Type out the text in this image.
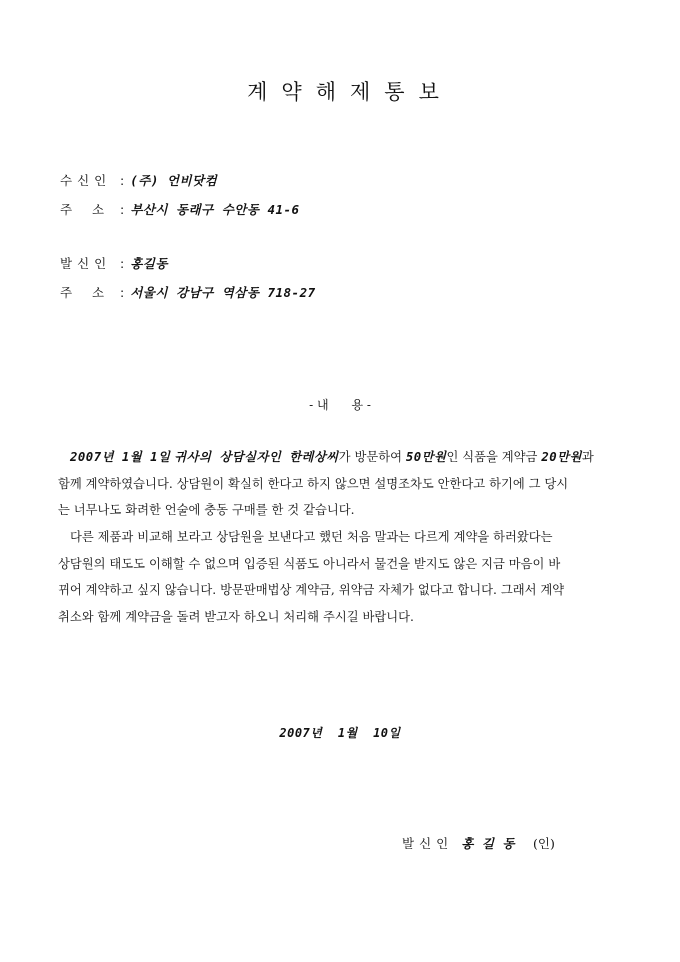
계약해제통보
수신인 : (주) 언비닷컴
주     소 : 부산시 동래구 수안동 41-6
발신인 : 홍길동
주     소 : 서울시 강남구 역삼동 718-27
- 내      용 -
2007년 1월 1일 귀사의 상담실자인 한레상씨가 방문하여 50만원인 식품을 계약금 20만원과
함께 계약하였습니다. 상담원이 확실히 한다고 하지 않으면 설명조차도 안한다고 하기에 그 당시
는 너무나도 화려한 언술에 충동 구매를 한 것 같습니다.
다른 제품과 비교해 보라고 상담원을 보낸다고 했던 처음 말과는 다르게 계약을 하러왔다는
상담원의 태도도 이해할 수 없으며 입증된 식품도 아니라서 물건을 받지도 않은 지금 마음이 바
뀌어 계약하고 싶지 않습니다. 방문판매법상 계약금, 위약금 자체가 없다고 합니다. 그래서 계약
취소와 함께 계약금을 돌려 받고자 하오니 처리해 주시길 바랍니다.
2007년  1월  10일
발신인 홍 길 동 (인)
